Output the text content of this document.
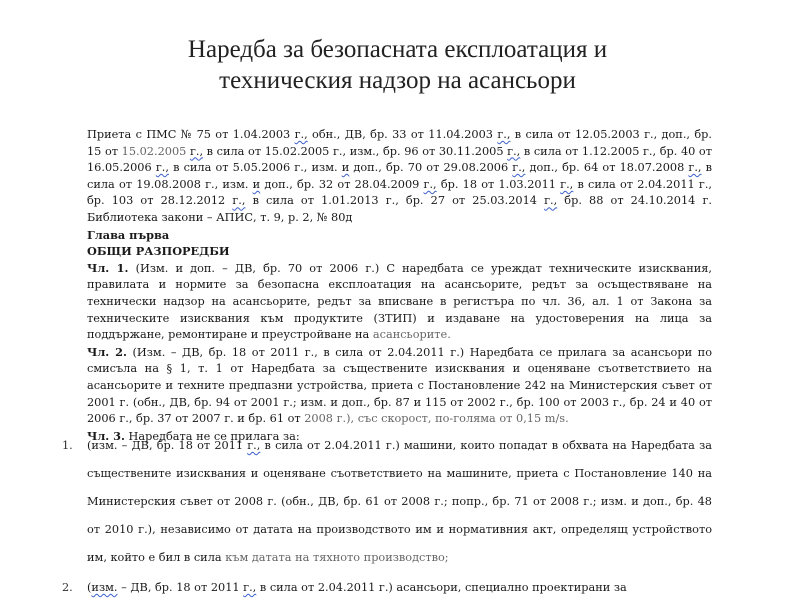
Наредба за безопасната експлоатация и
техническия надзор на асансьори

Приета с ПМС № 75 от 1.04.2003 г., обн., ДВ, бр. 33 от 11.04.2003 г., в сила от 12.05.2003 г., доп., бр. 15 от 15.02.2005 г., в сила от 15.02.2005 г., изм., бр. 96 от 30.11.2005 г., в сила от 1.12.2005 г., бр. 40 от 16.05.2006 г., в сила от 5.05.2006 г., изм. и доп., бр. 70 от 29.08.2006 г., доп., бр. 64 от 18.07.2008 г., в сила от 19.08.2008 г., изм. и доп., бр. 32 от 28.04.2009 г., бр. 18 от 1.03.2011 г., в сила от 2.04.2011 г., бр. 103 от 28.12.2012 г., в сила от 1.01.2013 г., бр. 27 от 25.03.2014 г., бр. 88 от 24.10.2014 г. Библиотека закони – АПИС, т. 9, р. 2, № 80д

Глава първа

ОБЩИ РАЗПОРЕДБИ

Чл. 1. (Изм. и доп. – ДВ, бр. 70 от 2006 г.) С наредбата се уреждат техническите изисквания, правилата и нормите за безопасна експлоатация на асансьорите, редът за осъществяване на технически надзор на асансьорите, редът за вписване в регистъра по чл. 36, ал. 1 от Закона за техническите изисквания към продуктите (ЗТИП) и издаване на удостоверения на лица за поддържане, ремонтиране и преустройване на асансьорите.

Чл. 2. (Изм. – ДВ, бр. 18 от 2011 г., в сила от 2.04.2011 г.) Наредбата се прилага за асансьори по смисъла на § 1, т. 1 от Наредбата за съществените изисквания и оценяване съответствието на асансьорите и техните предпазни устройства, приета с Постановление 242 на Министерския съвет от 2001 г. (обн., ДВ, бр. 94 от 2001 г.; изм. и доп., бр. 87 и 115 от 2002 г., бр. 100 от 2003 г., бр. 24 и 40 от 2006 г., бр. 37 от 2007 г. и бр. 61 от 2008 г.), със скорост, по-голяма от 0,15 m/s.

Чл. 3. Наредбата не се прилага за:

1. (изм. – ДВ, бр. 18 от 2011 г., в сила от 2.04.2011 г.) машини, които попадат в обхвата на Наредбата за съществените изисквания и оценяване съответствието на машините, приета с Постановление 140 на Министерския съвет от 2008 г. (обн., ДВ, бр. 61 от 2008 г.; попр., бр. 71 от 2008 г.; изм. и доп., бр. 48 от 2010 г.), независимо от датата на производството им и нормативния акт, определящ устройството им, който е бил в сила към датата на тяхното производство;
2. (изм. – ДВ, бр. 18 от 2011 г., в сила от 2.04.2011 г.) асансьори, специално проектирани за
